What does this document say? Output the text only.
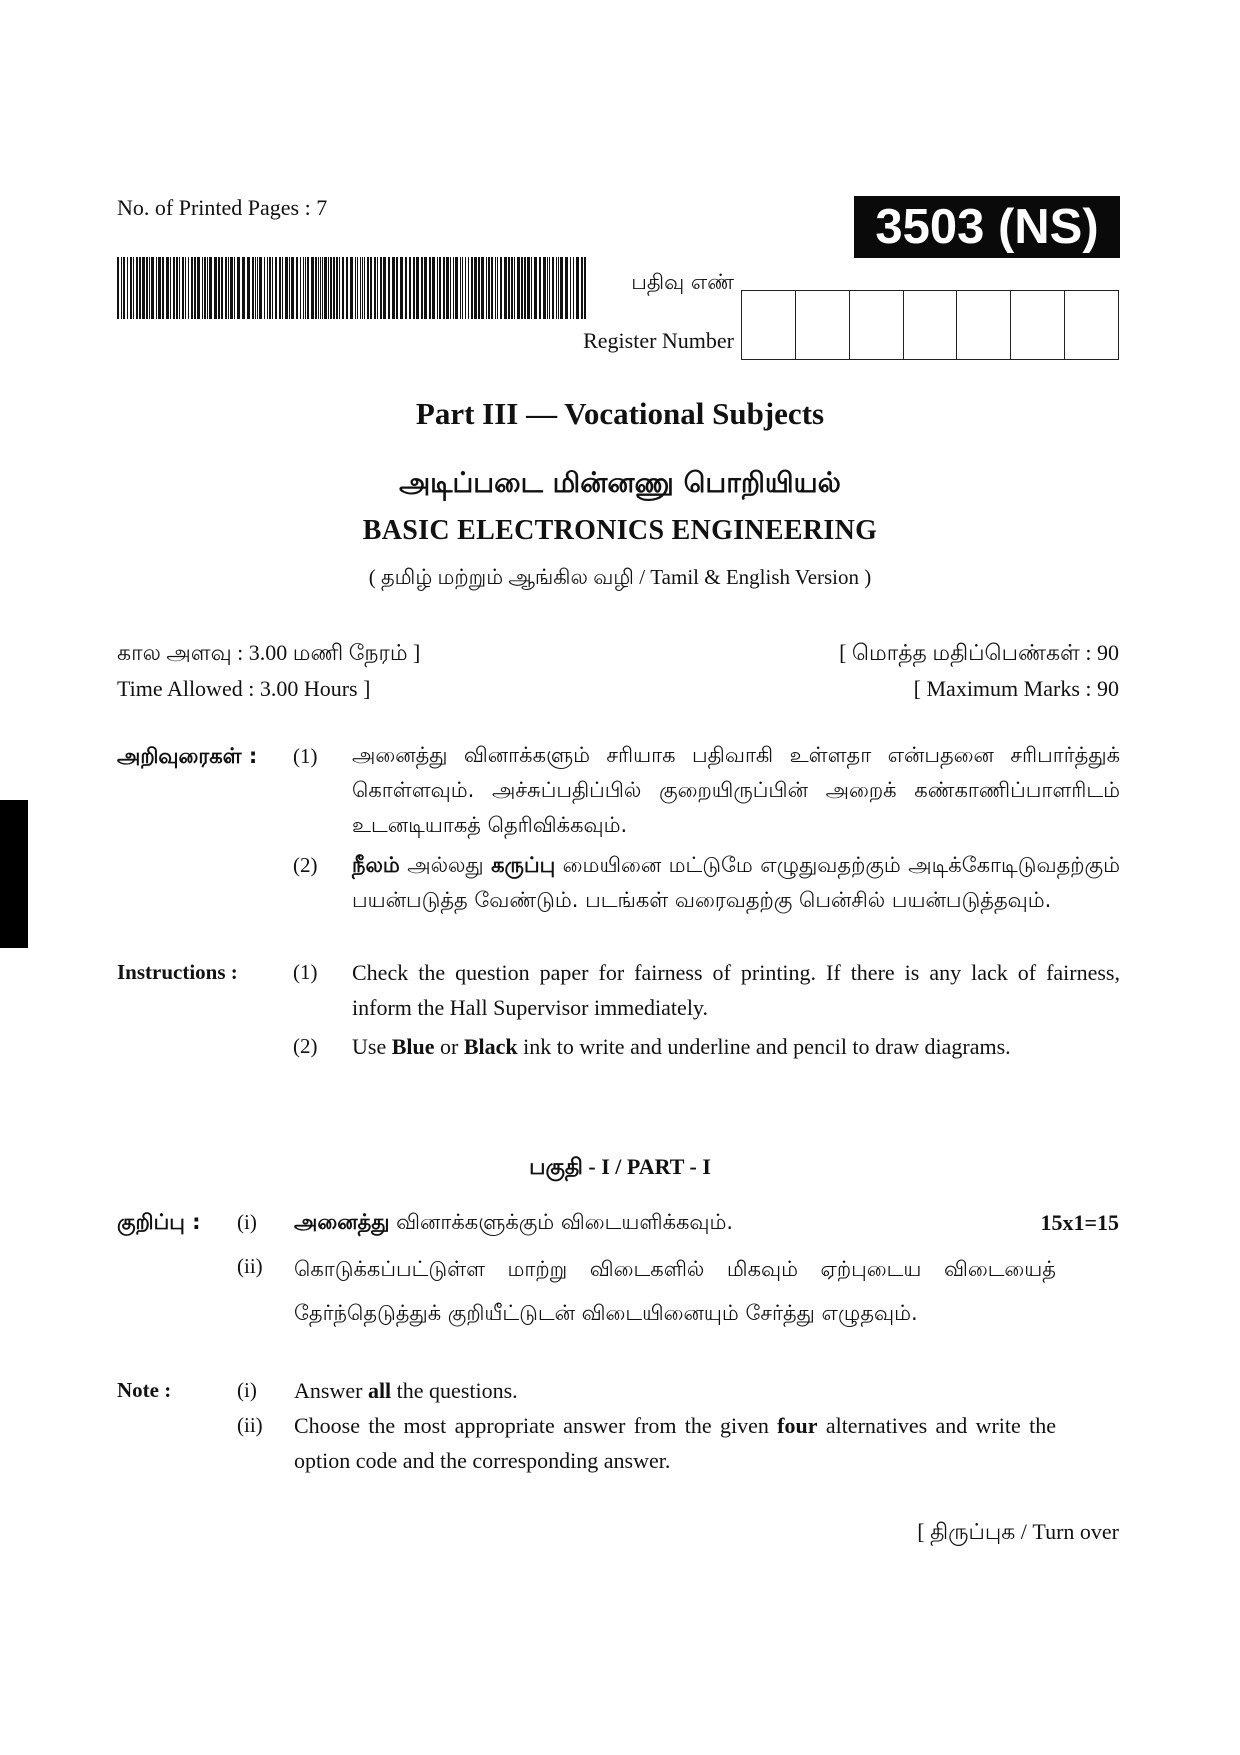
No. of Printed Pages : 7	3503 (NS)
பதிவு எண்
Register Number
Part III — Vocational Subjects
அடிப்படை மின்னணு பொறியியல்
BASIC ELECTRONICS ENGINEERING
( தமிழ் மற்றும் ஆங்கில வழி / Tamil & English Version )
கால அளவு : 3.00 மணி நேரம் ]
Time Allowed : 3.00 Hours ]
[ மொத்த மதிப்பெண்கள் : 90
[ Maximum Marks : 90
அறிவுரைகள் : (1) அனைத்து வினாக்களும் சரியாக பதிவாகி உள்ளதா என்பதனை சரிபார்த்துக் கொள்ளவும். அச்சுப்பதிப்பில் குறையிருப்பின் அறைக் கண்காணிப்பாளரிடம் உடனடியாகத் தெரிவிக்கவும்.
(2) நீலம் அல்லது கருப்பு மையினை மட்டுமே எழுதுவதற்கும் அடிக்கோடிடுவதற்கும் பயன்படுத்த வேண்டும். படங்கள் வரைவதற்கு பென்சில் பயன்படுத்தவும்.
Instructions :	(1) Check the question paper for fairness of printing. If there is any lack of fairness, inform the Hall Supervisor immediately.
(2) Use Blue or Black ink to write and underline and pencil to draw diagrams.
பகுதி - I / PART - I
குறிப்பு : (i) அனைத்து வினாக்களுக்கும் விடையளிக்கவும்.	15x1=15
(ii) கொடுக்கப்பட்டுள்ள மாற்று விடைகளில் மிகவும் ஏற்புடைய விடையைத் தேர்ந்தெடுத்துக் குறியீட்டுடன் விடையினையும் சேர்த்து எழுதவும்.
Note :	(i) Answer all the questions.
(ii) Choose the most appropriate answer from the given four alternatives and write the option code and the corresponding answer.
[ திருப்புக / Turn over
